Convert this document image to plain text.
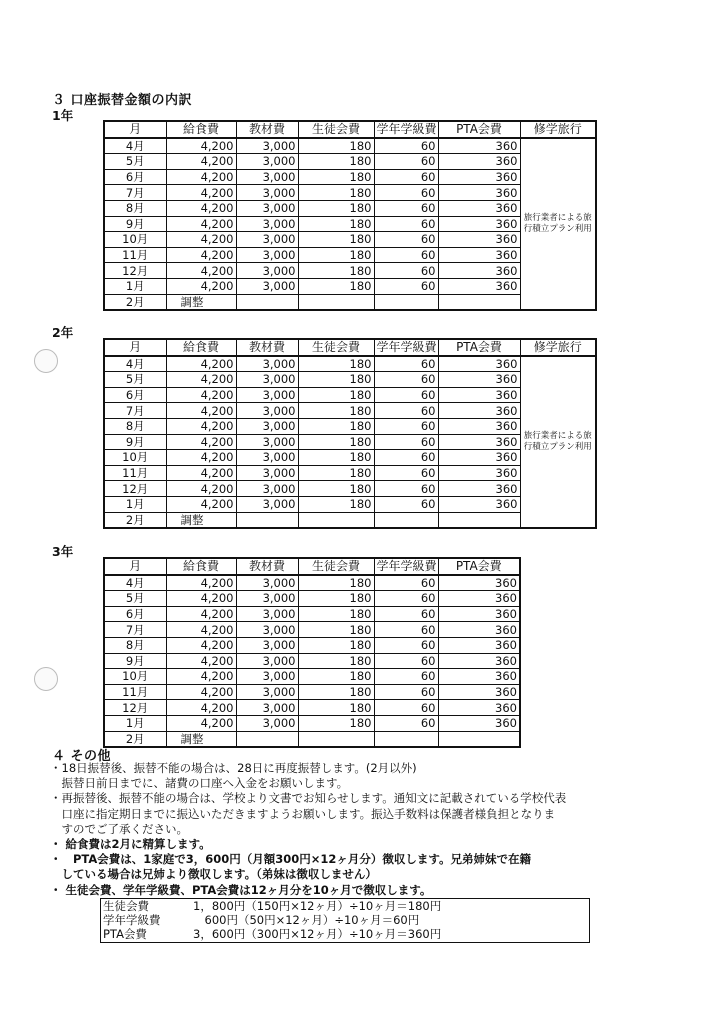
３ 口座振替金額の内訳
1年
月	給食費	教材費	生徒会費	学年学級費	PTA会費	修学旅行
4月	4,200	3,000	180	60	360	旅行業者による旅行積立プラン利用
5月	4,200	3,000	180	60	360	
6月	4,200	3,000	180	60	360	
7月	4,200	3,000	180	60	360	
8月	4,200	3,000	180	60	360	
9月	4,200	3,000	180	60	360	
10月	4,200	3,000	180	60	360	
11月	4,200	3,000	180	60	360	
12月	4,200	3,000	180	60	360	
1月	4,200	3,000	180	60	360	
2月	調整					
2年
月	給食費	教材費	生徒会費	学年学級費	PTA会費	修学旅行
4月	4,200	3,000	180	60	360	旅行業者による旅行積立プラン利用
5月	4,200	3,000	180	60	360	
6月	4,200	3,000	180	60	360	
7月	4,200	3,000	180	60	360	
8月	4,200	3,000	180	60	360	
9月	4,200	3,000	180	60	360	
10月	4,200	3,000	180	60	360	
11月	4,200	3,000	180	60	360	
12月	4,200	3,000	180	60	360	
1月	4,200	3,000	180	60	360	
2月	調整					
3年
月	給食費	教材費	生徒会費	学年学級費	PTA会費
4月	4,200	3,000	180	60	360
5月	4,200	3,000	180	60	360
6月	4,200	3,000	180	60	360
7月	4,200	3,000	180	60	360
8月	4,200	3,000	180	60	360
9月	4,200	3,000	180	60	360
10月	4,200	3,000	180	60	360
11月	4,200	3,000	180	60	360
12月	4,200	3,000	180	60	360
1月	4,200	3,000	180	60	360
2月	調整				
４ その他
・18日振替後、振替不能の場合は、28日に再度振替します。(2月以外)
　振替日前日までに、諸費の口座へ入金をお願いします。
・再振替後、振替不能の場合は、学校より文書でお知らせします。通知文に記載されている学校代表
　口座に指定期日までに振込いただきますようお願いします。振込手数料は保護者様負担となりま
　すのでご了承ください。
・ 給食費は2月に精算します。
・　PTA会費は、1家庭で3，600円（月額300円×12ヶ月分）徴収します。兄弟姉妹で在籍
　している場合は兄姉より徴収します。（弟妹は徴収しません）
・ 生徒会費、学年学級費、PTA会費は12ヶ月分を10ヶ月で徴収します。
生徒会費	1，800円（150円×12ヶ月）÷10ヶ月＝180円
学年学級費	　600円（50円×12ヶ月）÷10ヶ月＝60円
PTA会費	3，600円（300円×12ヶ月）÷10ヶ月＝360円
